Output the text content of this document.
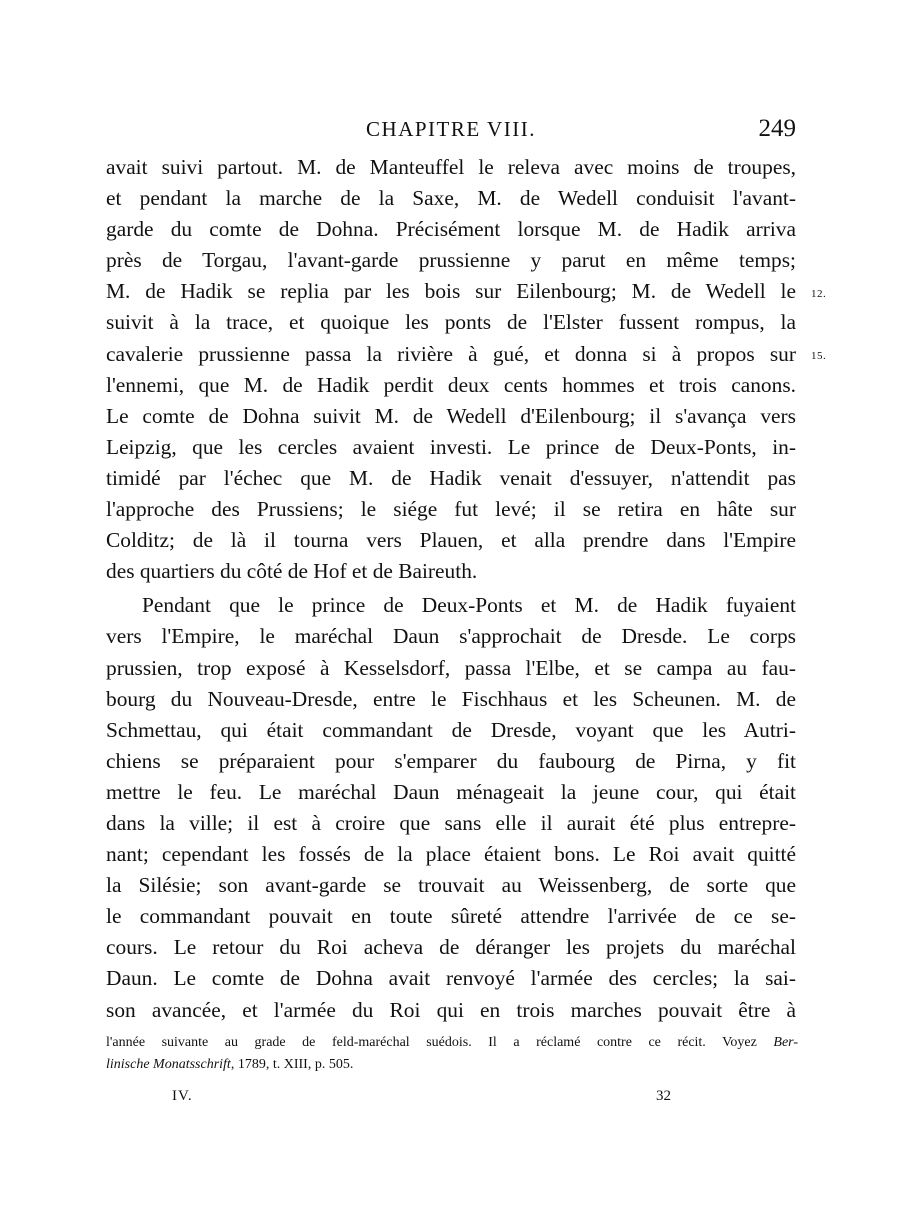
CHAPITRE VIII.	249
avait suivi partout. M. de Manteuffel le releva avec moins de troupes,
et pendant la marche de la Saxe, M. de Wedell conduisit l'avant-
garde du comte de Dohna. Précisément lorsque M. de Hadik arriva
près de Torgau, l'avant-garde prussienne y parut en même temps;
M. de Hadik se replia par les bois sur Eilenbourg; M. de Wedell le
suivit à la trace, et quoique les ponts de l'Elster fussent rompus, la
cavalerie prussienne passa la rivière à gué, et donna si à propos sur
l'ennemi, que M. de Hadik perdit deux cents hommes et trois canons.
Le comte de Dohna suivit M. de Wedell d'Eilenbourg; il s'avança vers
Leipzig, que les cercles avaient investi. Le prince de Deux-Ponts, in-
timidé par l'échec que M. de Hadik venait d'essuyer, n'attendit pas
l'approche des Prussiens; le siége fut levé; il se retira en hâte sur
Colditz; de là il tourna vers Plauen, et alla prendre dans l'Empire
des quartiers du côté de Hof et de Baireuth.
Pendant que le prince de Deux-Ponts et M. de Hadik fuyaient
vers l'Empire, le maréchal Daun s'approchait de Dresde. Le corps
prussien, trop exposé à Kesselsdorf, passa l'Elbe, et se campa au fau-
bourg du Nouveau-Dresde, entre le Fischhaus et les Scheunen. M. de
Schmettau, qui était commandant de Dresde, voyant que les Autri-
chiens se préparaient pour s'emparer du faubourg de Pirna, y fit
mettre le feu. Le maréchal Daun ménageait la jeune cour, qui était
dans la ville; il est à croire que sans elle il aurait été plus entrepre-
nant; cependant les fossés de la place étaient bons. Le Roi avait quitté
la Silésie; son avant-garde se trouvait au Weissenberg, de sorte que
le commandant pouvait en toute sûreté attendre l'arrivée de ce se-
cours. Le retour du Roi acheva de déranger les projets du maréchal
Daun. Le comte de Dohna avait renvoyé l'armée des cercles; la sai-
son avancée, et l'armée du Roi qui en trois marches pouvait être à
12.
15.
l'année suivante au grade de feld-maréchal suédois. Il a réclamé contre ce récit. Voyez Ber-
linische Monatsschrift, 1789, t. XIII, p. 505.
IV.	32
